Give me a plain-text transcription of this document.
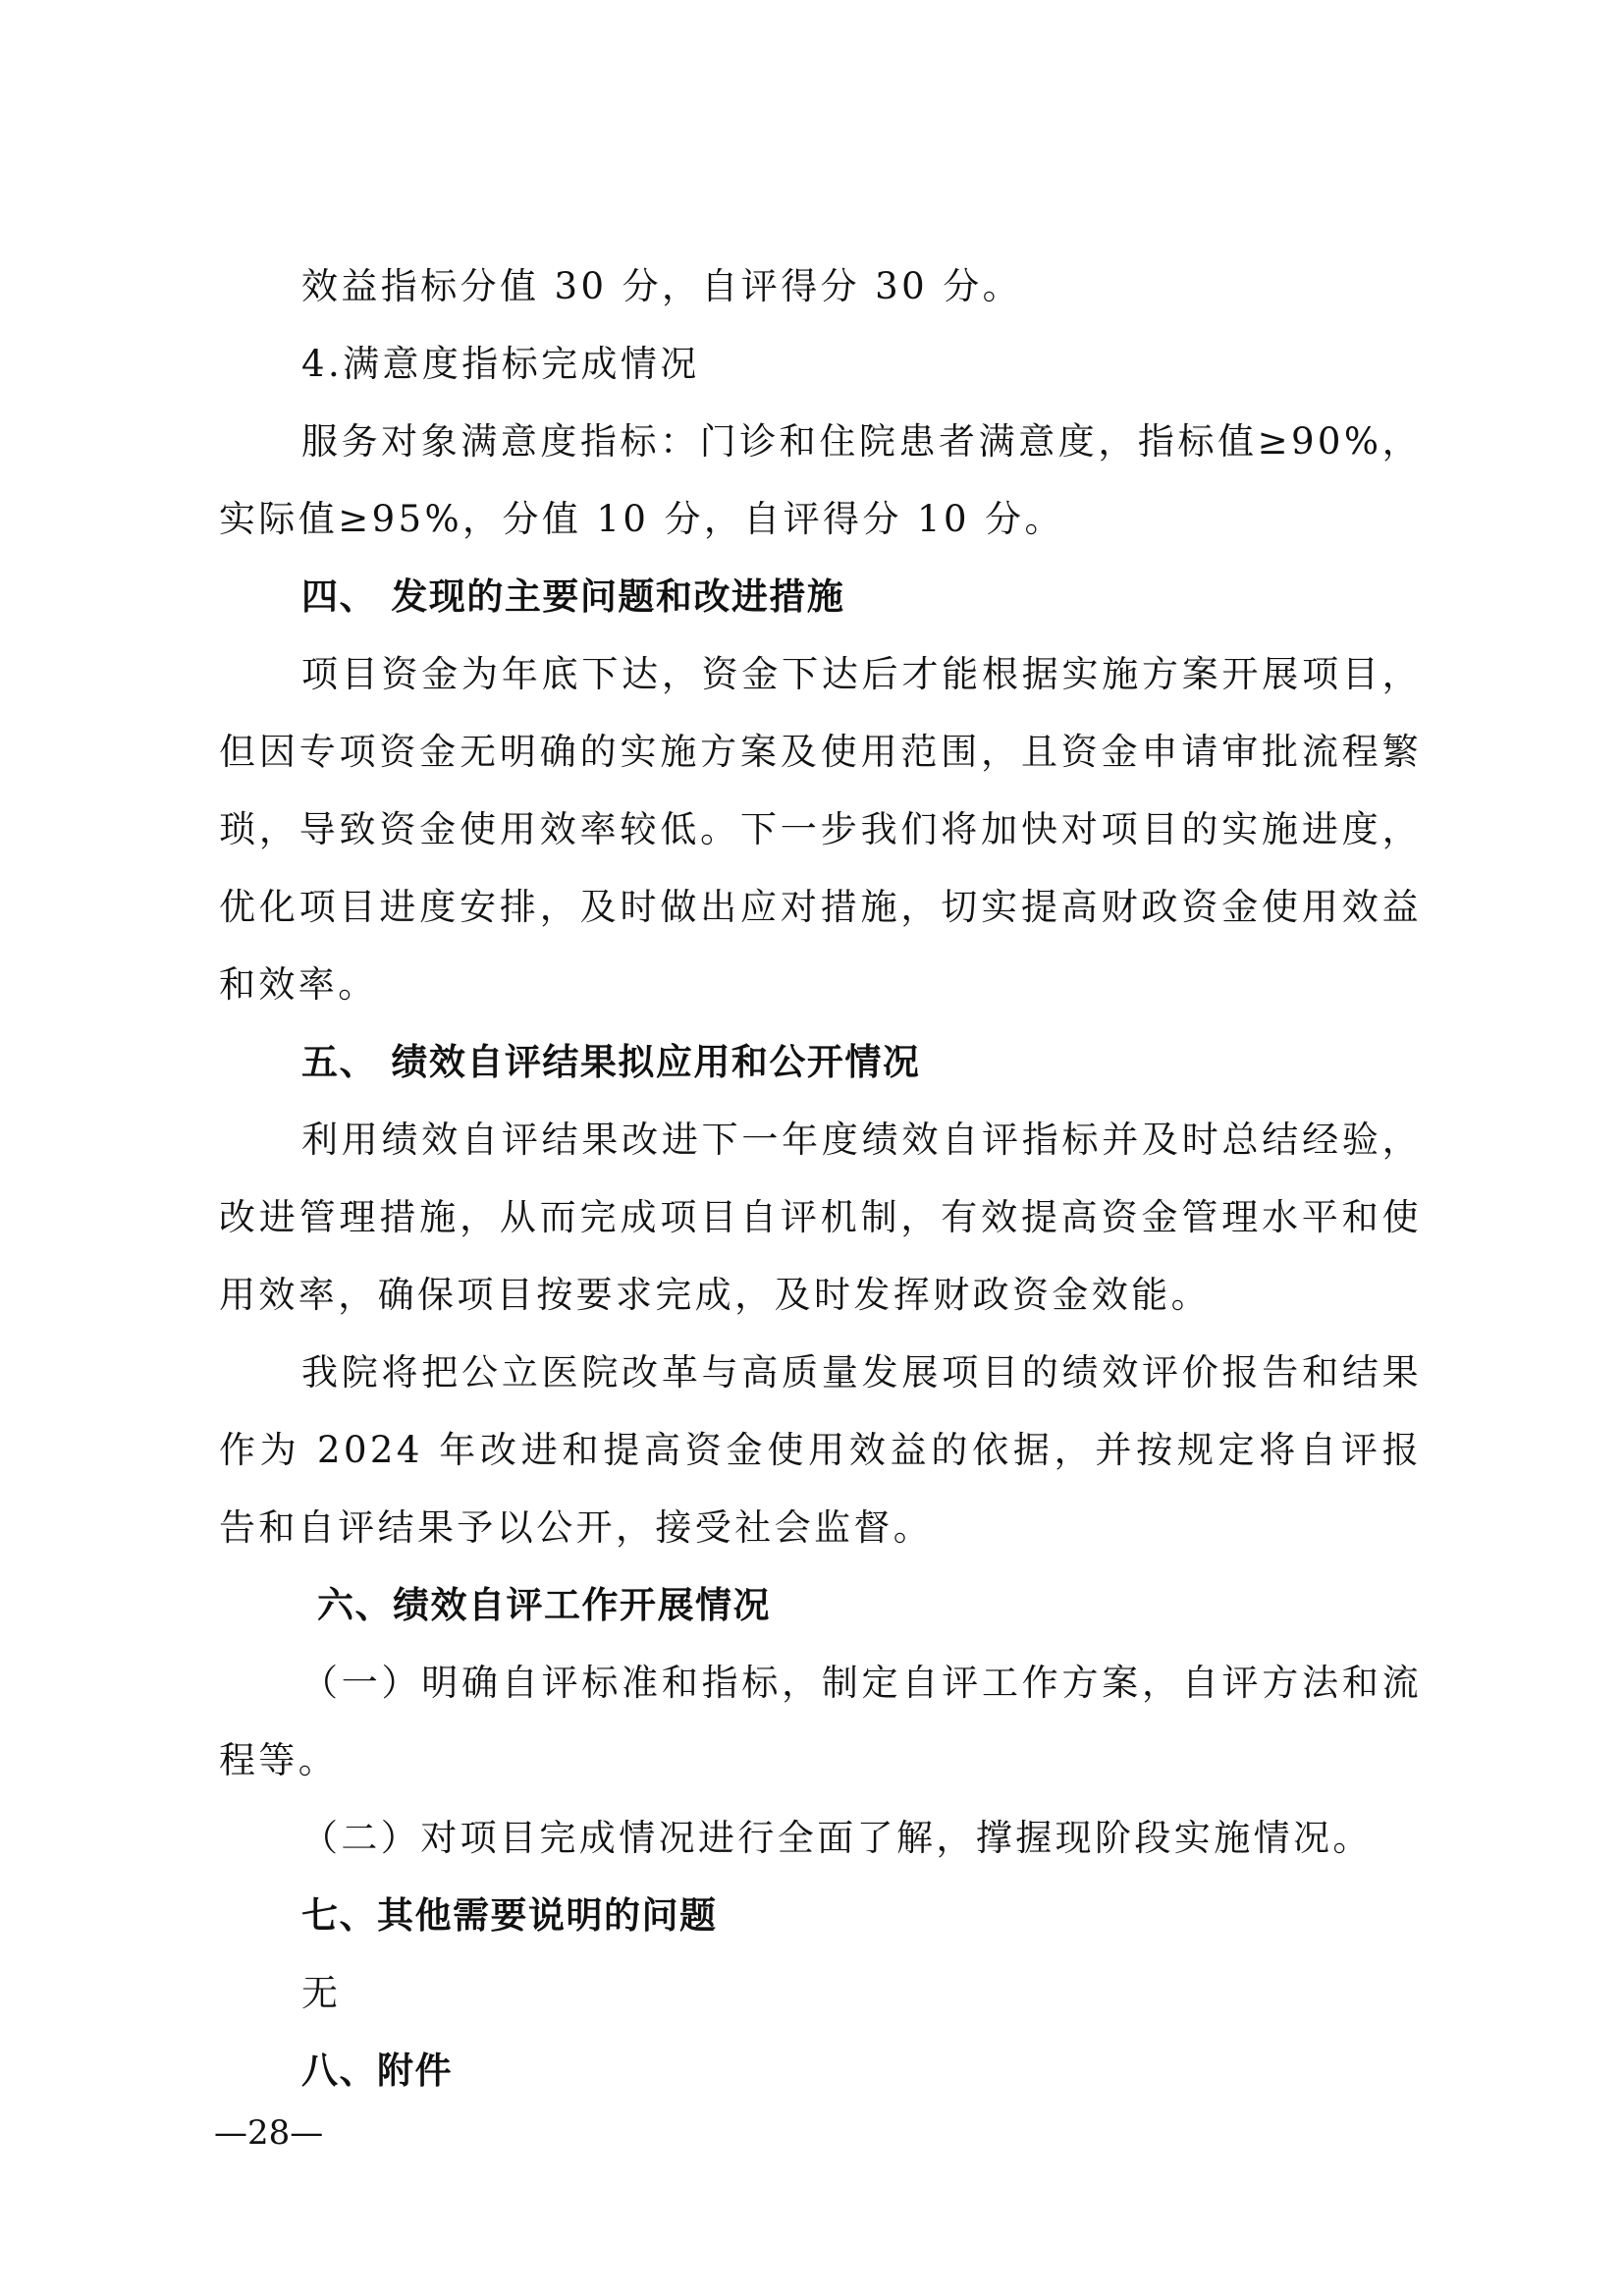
效益指标分值 30 分，自评得分 30 分。

4.满意度指标完成情况

服务对象满意度指标：门诊和住院患者满意度，指标值≥90%，实际值≥95%，分值 10 分，自评得分 10 分。

四、 发现的主要问题和改进措施

项目资金为年底下达，资金下达后才能根据实施方案开展项目，但因专项资金无明确的实施方案及使用范围，且资金申请审批流程繁琐，导致资金使用效率较低。下一步我们将加快对项目的实施进度，优化项目进度安排，及时做出应对措施，切实提高财政资金使用效益和效率。

五、 绩效自评结果拟应用和公开情况

利用绩效自评结果改进下一年度绩效自评指标并及时总结经验，改进管理措施，从而完成项目自评机制，有效提高资金管理水平和使用效率，确保项目按要求完成，及时发挥财政资金效能。

我院将把公立医院改革与高质量发展项目的绩效评价报告和结果作为 2024 年改进和提高资金使用效益的依据，并按规定将自评报告和自评结果予以公开，接受社会监督。

六、绩效自评工作开展情况

（一）明确自评标准和指标，制定自评工作方案，自评方法和流程等。

（二）对项目完成情况进行全面了解，撑握现阶段实施情况。

七、其他需要说明的问题

无

八、附件

—28—
